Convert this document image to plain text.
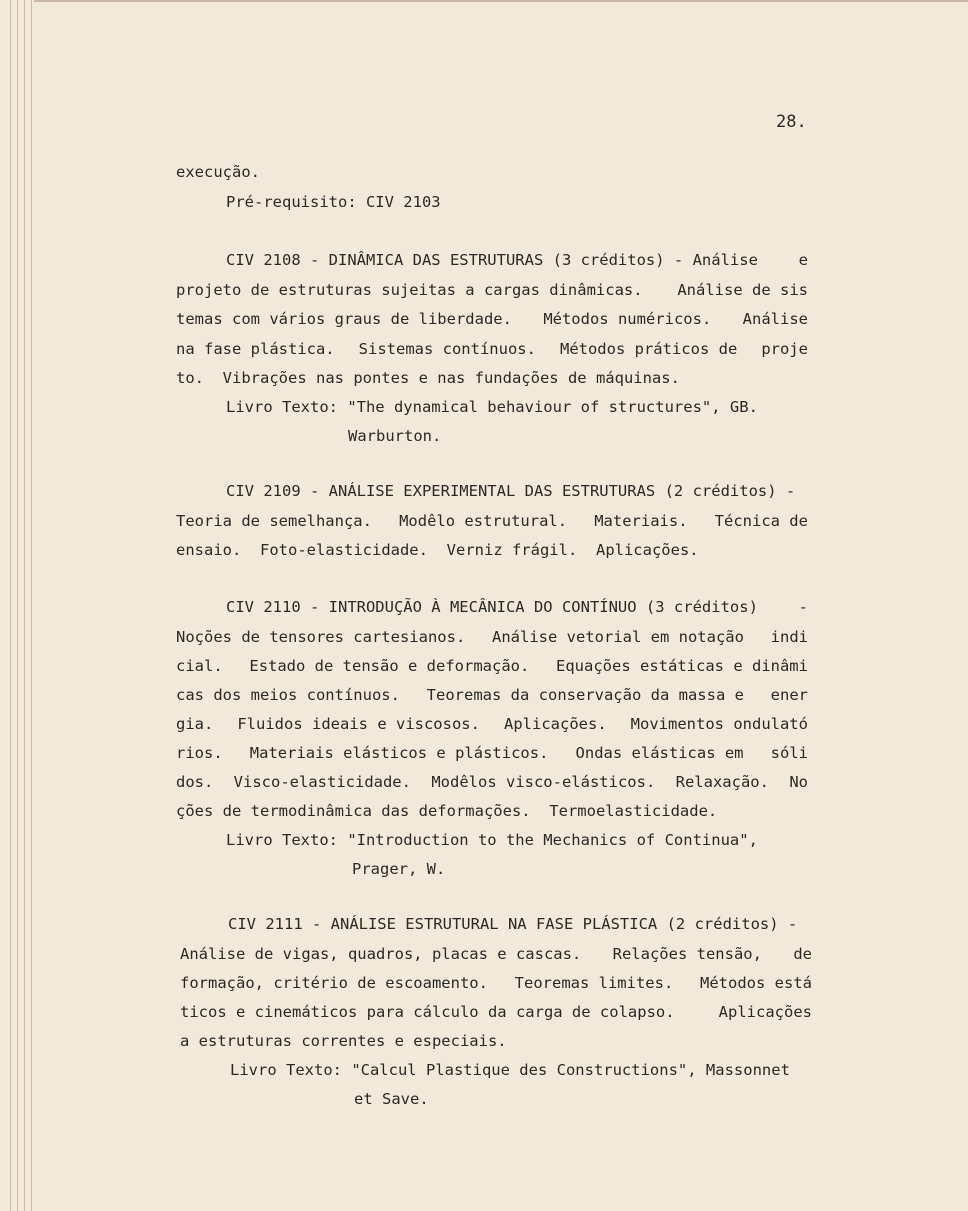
28.
execução.
Pré-requisito: CIV 2103
CIV 2108 - DINÂMICA DAS ESTRUTURAS (3 créditos) - Análise	e
projeto de estruturas sujeitas a cargas dinâmicas. Análise de sis
temas com vários graus de liberdade. Métodos numéricos. Análise
na fase plástica. Sistemas contínuos. Métodos práticos de proje
to. Vibrações nas pontes e nas fundações de máquinas.
Livro Texto: "The dynamical behaviour of structures", GB.
Warburton.
CIV 2109 - ANÁLISE EXPERIMENTAL DAS ESTRUTURAS (2 créditos) -
Teoria de semelhança. Modêlo estrutural. Materiais. Técnica de
ensaio. Foto-elasticidade. Verniz frágil. Aplicações.
CIV 2110 - INTRODUÇÃO À MECÂNICA DO CONTÍNUO (3 créditos)	-
Noções de tensores cartesianos. Análise vetorial em notação indi
cial. Estado de tensão e deformação. Equações estáticas e dinâmi
cas dos meios contínuos. Teoremas da conservação da massa e ener
gia. Fluidos ideais e viscosos. Aplicações. Movimentos ondulató
rios. Materiais elásticos e plásticos. Ondas elásticas em sóli
dos. Visco-elasticidade. Modêlos visco-elásticos. Relaxação. No
ções de termodinâmica das deformações. Termoelasticidade.
Livro Texto: "Introduction to the Mechanics of Continua",
Prager, W.
CIV 2111 - ANÁLISE ESTRUTURAL NA FASE PLÁSTICA (2 créditos) -
Análise de vigas, quadros, placas e cascas. Relações tensão, de
formação, critério de escoamento. Teoremas limites. Métodos está
ticos e cinemáticos para cálculo da carga de colapso.	Aplicações
a estruturas correntes e especiais.
Livro Texto: "Calcul Plastique des Constructions", Massonnet
et Save.
